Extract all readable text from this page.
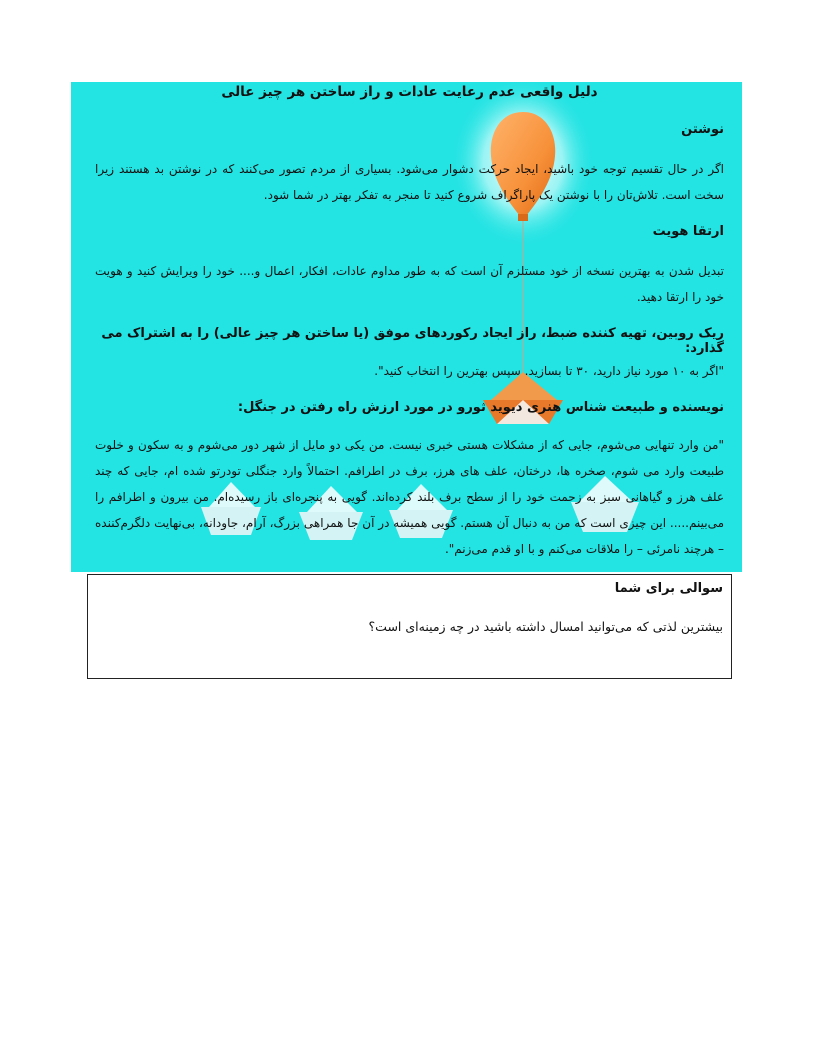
دلیل واقعی عدم رعایت عادات و راز ساختن هر چیز عالی
نوشتن
اگر در حال تقسیم توجه خود باشید، ایجاد حرکت دشوار می‌شود. بسیاری از مردم تصور می‌کنند که در نوشتن بد هستند زیرا سخت است. تلاش‌تان را با نوشتن یک پاراگراف شروع کنید تا منجر به تفکر بهتر در شما شود.
ارتقا هویت
تبدیل شدن به بهترین نسخه از خود مستلزم آن است که به طور مداوم عادات، افکار، اعمال و.... خود را ویرایش کنید و هویت خود را ارتقا دهید.
ریک روبین، تهیه کننده ضبط، راز ایجاد رکوردهای موفق (یا ساختن هر چیز عالی) را به اشتراک می گذارد:
"اگر به ۱۰ مورد نیاز دارید، ۳۰ تا بسازید. سپس بهترین را انتخاب کنید".
نویسنده و طبیعت شناس هنری دیوید ثورو در مورد ارزش راه رفتن در جنگل:
"من وارد تنهایی می‌شوم، جایی که از مشکلات هستی خبری نیست. من یکی دو مایل از شهر دور می‌شوم و به سکون و خلوت طبیعت وارد می شوم، صخره ها، درختان، علف های هرز، برف در اطرافم. احتمالاً وارد جنگلی تودرتو شده ام، جایی که چند علف هرز و گیاهانی سبز به زحمت خود را از سطح برف بلند کرده‌اند. گویی به پنجره‌ای باز رسیده‌ام. من بیرون و اطرافم را می‌بینم..... این چیزی است که من به دنبال آن هستم. گویی همیشه در آن جا همراهی بزرگ، آرام، جاودانه، بی‌نهایت دلگرم‌کننده – هرچند نامرئی – را ملاقات می‌کنم و با او قدم می‌زنم".
سوالی برای شما
بیشترین لذتی که می‌توانید امسال داشته باشید در چه زمینه‌ای است؟
